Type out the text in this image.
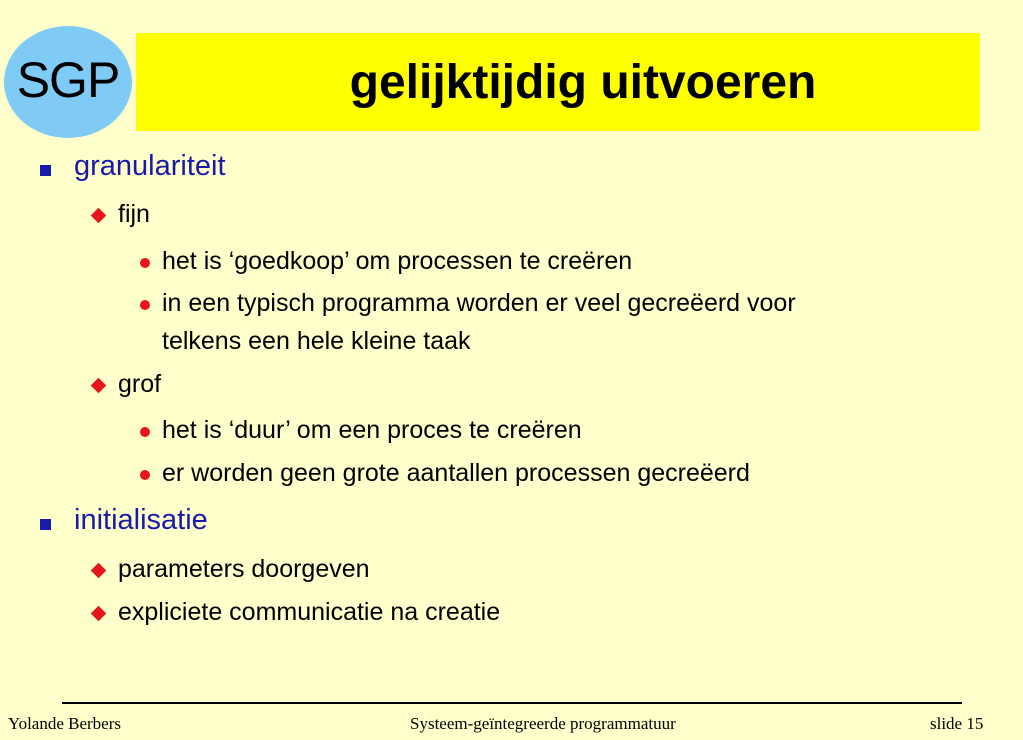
SGP	gelijktijdig uitvoeren
granulariteit
fijn
het is ‘goedkoop’ om processen te creëren
in een typisch programma worden er veel gecreëerd voor
telkens een hele kleine taak
grof
het is ‘duur’ om een proces te creëren
er worden geen grote aantallen processen gecreëerd
initialisatie
parameters doorgeven
expliciete communicatie na creatie
Yolande Berbers	Systeem-geïntegreerde programmatuur	slide 15
